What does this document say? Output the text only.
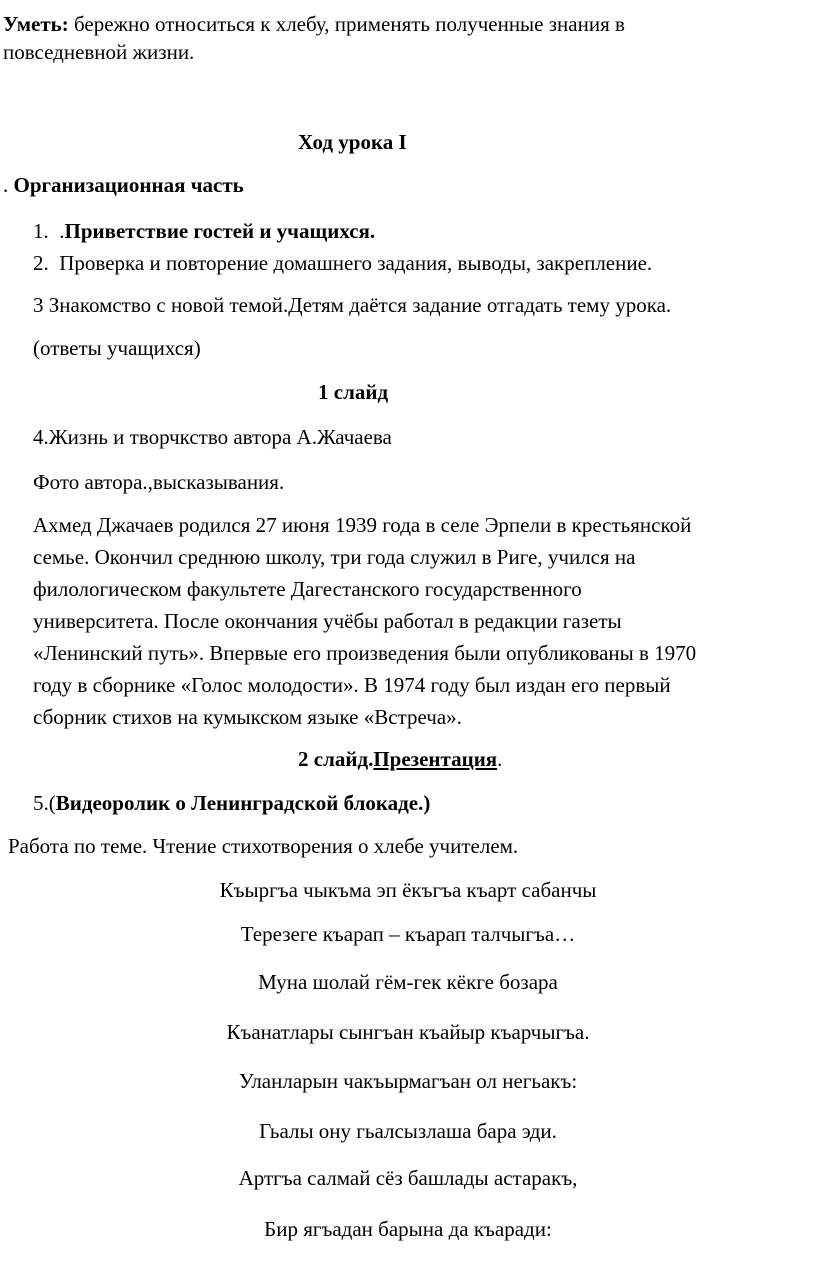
Уметь: бережно относиться к хлебу, применять полученные знания в
повседневной жизни.
Ход урока I
. Организационная часть
1. .Приветствие гостей и учащихся.
2. Проверка и повторение домашнего задания, выводы, закрепление.
3 Знакомство с новой темой.Детям даётся задание отгадать тему урока.
(ответы учащихся)
1 слайд
4.Жизнь и творчкство автора А.Жачаева
Фото автора.,высказывания.
Ахмед Джачаев родился 27 июня 1939 года в селе Эрпели в крестьянской
семье. Окончил среднюю школу, три года служил в Риге, учился на
филологическом факультете Дагестанского государственного
университета. После окончания учёбы работал в редакции газеты
«Ленинский путь». Впервые его произведения были опубликованы в 1970
году в сборнике «Голос молодости». В 1974 году был издан его первый
сборник стихов на кумыкском языке «Встреча».
2 слайд.Презентация.
5.(Видеоролик о Ленинградской блокаде.)
Работа по теме. Чтение стихотворения о хлебе учителем.
Къыргъа чыкъма эп ёкъгъа къарт сабанчы
Терезеге къарап – къарап талчыгъа…
Муна шолай гём-гек кёкге бозара
Къанатлары сынгъан къайыр къарчыгъа.
Уланларын чакъырмагъан ол негьакъ:
Гьалы ону гьалсызлаша бара эди.
Артгъа салмай сёз башлады астаракъ,
Бир ягъадан барына да къаради:
